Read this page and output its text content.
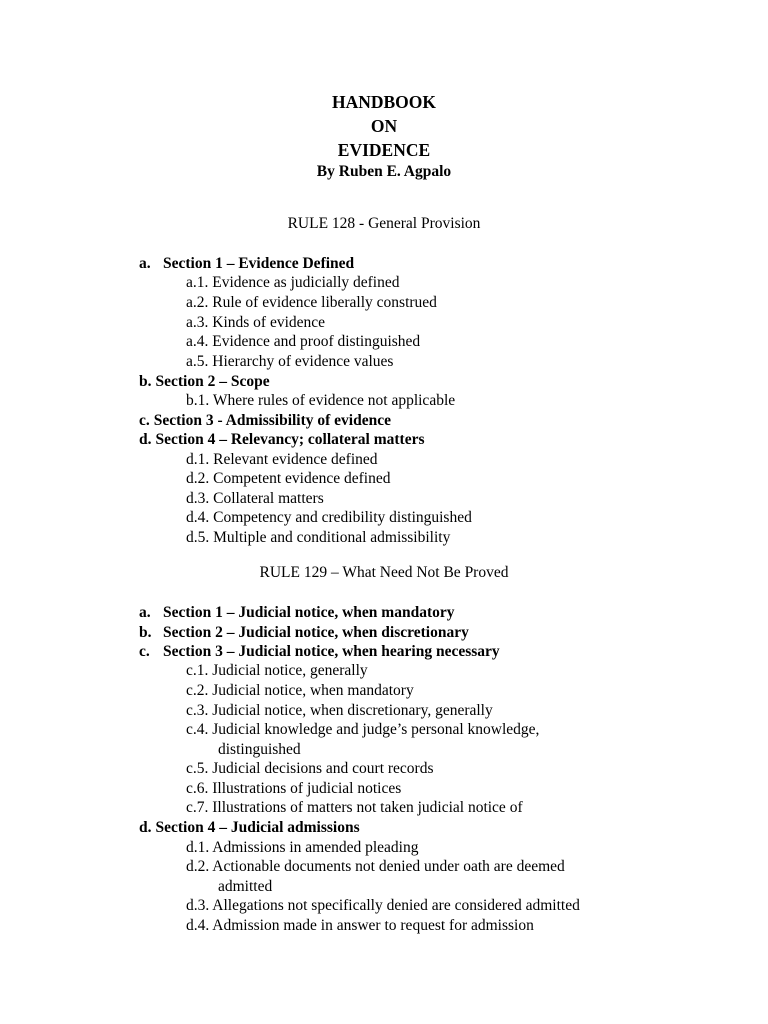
HANDBOOK
ON
EVIDENCE
By Ruben E. Agpalo
RULE 128 - General Provision
a. Section 1 – Evidence Defined
a.1. Evidence as judicially defined
a.2. Rule of evidence liberally construed
a.3. Kinds of evidence
a.4. Evidence and proof distinguished
a.5. Hierarchy of evidence values
b. Section 2 – Scope
b.1. Where rules of evidence not applicable
c. Section 3 - Admissibility of evidence
d. Section 4 – Relevancy; collateral matters
d.1. Relevant evidence defined
d.2. Competent evidence defined
d.3. Collateral matters
d.4. Competency and credibility distinguished
d.5. Multiple and conditional admissibility
RULE 129 – What Need Not Be Proved
a. Section 1 – Judicial notice, when mandatory
b. Section 2 – Judicial notice, when discretionary
c. Section 3 – Judicial notice, when hearing necessary
c.1. Judicial notice, generally
c.2. Judicial notice, when mandatory
c.3. Judicial notice, when discretionary, generally
c.4. Judicial knowledge and judge’s personal knowledge,
distinguished
c.5. Judicial decisions and court records
c.6. Illustrations of judicial notices
c.7. Illustrations of matters not taken judicial notice of
d. Section 4 – Judicial admissions
d.1. Admissions in amended pleading
d.2. Actionable documents not denied under oath are deemed
admitted
d.3. Allegations not specifically denied are considered admitted
d.4. Admission made in answer to request for admission
